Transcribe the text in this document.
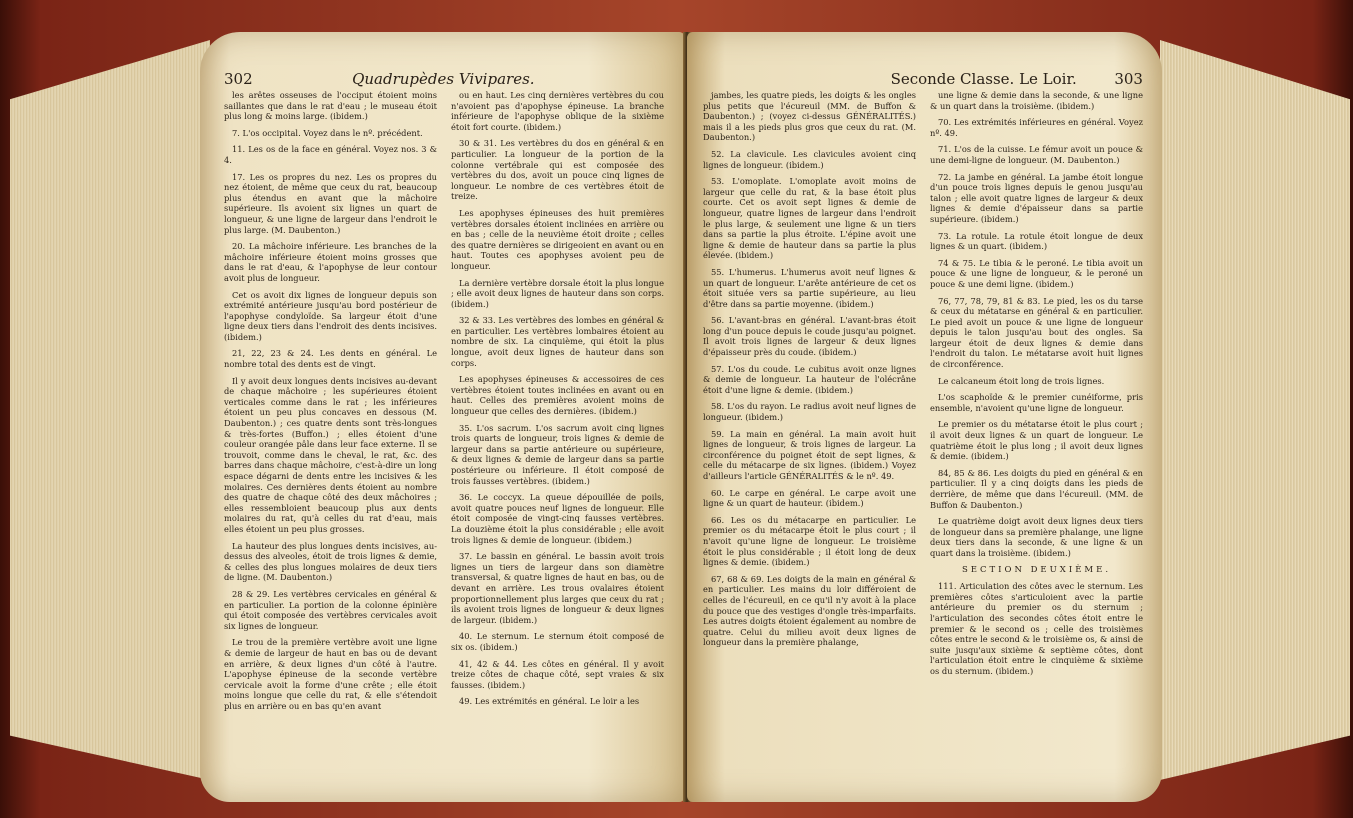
302	Quadrupèdes Vivipares.

les arêtes osseuses de l'occiput étoient moins saillantes que dans le rat d'eau ; le museau étoit plus long & moins large. (ibidem.)

7. L'os occipital. Voyez dans le nº. précédent.

11. Les os de la face en général. Voyez nos. 3 & 4.

17. Les os propres du nez. Les os propres du nez étoient, de même que ceux du rat, beaucoup plus étendus en avant que la mâchoire supérieure. Ils avoient six lignes un quart de longueur, & une ligne de largeur dans l'endroit le plus large. (M. Daubenton.)

20. La mâchoire inférieure. Les branches de la mâchoire inférieure étoient moins grosses que dans le rat d'eau, & l'apophyse de leur contour avoit plus de longueur.

Cet os avoit dix lignes de longueur depuis son extrémité antérieure jusqu'au bord postérieur de l'apophyse condyloïde. Sa largeur étoit d'une ligne deux tiers dans l'endroit des dents incisives. (ibidem.)

21, 22, 23 & 24. Les dents en général. Le nombre total des dents est de vingt.

Il y avoit deux longues dents incisives au-devant de chaque mâchoire ; les supérieures étoient verticales comme dans le rat ; les inférieures étoient un peu plus concaves en dessous (M. Daubenton.) ; ces quatre dents sont très-longues & très-fortes (Buffon.) ; elles étoient d'une couleur orangée pâle dans leur face externe. Il se trouvoit, comme dans le cheval, le rat, &c. des barres dans chaque mâchoire, c'est-à-dire un long espace dégarni de dents entre les incisives & les molaires. Ces dernières dents étoient au nombre des quatre de chaque côté des deux mâchoires ; elles ressembloient beaucoup plus aux dents molaires du rat, qu'à celles du rat d'eau, mais elles étoient un peu plus grosses.

La hauteur des plus longues dents incisives, au-dessus des alveoles, étoit de trois lignes & demie, & celles des plus longues molaires de deux tiers de ligne. (M. Daubenton.)

28 & 29. Les vertèbres cervicales en général & en particulier. La portion de la colonne épinière qui étoit composée des vertèbres cervicales avoit six lignes de longueur.

Le trou de la première vertèbre avoit une ligne & demie de largeur de haut en bas ou de devant en arrière, & deux lignes d'un côté à l'autre. L'apophyse épineuse de la seconde vertèbre cervicale avoit la forme d'une crête ; elle étoit moins longue que celle du rat, & elle s'étendoit plus en arrière ou en bas qu'en avant

ou en haut. Les cinq dernières vertèbres du cou n'avoient pas d'apophyse épineuse. La branche inférieure de l'apophyse oblique de la sixième étoit fort courte. (ibidem.)

30 & 31. Les vertèbres du dos en général & en particulier. La longueur de la portion de la colonne vertébrale qui est composée des vertèbres du dos, avoit un pouce cinq lignes de longueur. Le nombre de ces vertèbres étoit de treize.

Les apophyses épineuses des huit premières vertèbres dorsales étoient inclinées en arrière ou en bas ; celle de la neuvième étoit droite ; celles des quatre dernières se dirigeoient en avant ou en haut. Toutes ces apophyses avoient peu de longueur.

La dernière vertèbre dorsale étoit la plus longue ; elle avoit deux lignes de hauteur dans son corps. (ibidem.)

32 & 33. Les vertèbres des lombes en général & en particulier. Les vertèbres lombaires étoient au nombre de six. La cinquième, qui étoit la plus longue, avoit deux lignes de hauteur dans son corps.

Les apophyses épineuses & accessoires de ces vertèbres étoient toutes inclinées en avant ou en haut. Celles des premières avoient moins de longueur que celles des dernières. (ibidem.)

35. L'os sacrum. L'os sacrum avoit cinq lignes trois quarts de longueur, trois lignes & demie de largeur dans sa partie antérieure ou supérieure, & deux lignes & demie de largeur dans sa partie postérieure ou inférieure. Il étoit composé de trois fausses vertèbres. (ibidem.)

36. Le coccyx. La queue dépouillée de poils, avoit quatre pouces neuf lignes de longueur. Elle étoit composée de vingt-cinq fausses vertèbres. La douzième étoit la plus considérable ; elle avoit trois lignes & demie de longueur. (ibidem.)

37. Le bassin en général. Le bassin avoit trois lignes un tiers de largeur dans son diamètre transversal, & quatre lignes de haut en bas, ou de devant en arrière. Les trous ovalaires étoient proportionnellement plus larges que ceux du rat ; ils avoient trois lignes de longueur & deux lignes de largeur. (ibidem.)

40. Le sternum. Le sternum étoit composé de six os. (ibidem.)

41, 42 & 44. Les côtes en général. Il y avoit treize côtes de chaque côté, sept vraies & six fausses. (ibidem.)

49. Les extrémités en général. Le loir a les

Seconde Classe. Le Loir.	303

jambes, les quatre pieds, les doigts & les ongles plus petits que l'écureuil (MM. de Buffon & Daubenton.) ; (voyez ci-dessus GÉNÉRALITÉS.) mais il a les pieds plus gros que ceux du rat. (M. Daubenton.)

52. La clavicule. Les clavicules avoient cinq lignes de longueur. (ibidem.)

53. L'omoplate. L'omoplate avoit moins de largeur que celle du rat, & la base étoit plus courte. Cet os avoit sept lignes & demie de longueur, quatre lignes de largeur dans l'endroit le plus large, & seulement une ligne & un tiers dans sa partie la plus étroite. L'épine avoit une ligne & demie de hauteur dans sa partie la plus élevée. (ibidem.)

55. L'humerus. L'humerus avoit neuf lignes & un quart de longueur. L'arête antérieure de cet os étoit située vers sa partie supérieure, au lieu d'être dans sa partie moyenne. (ibidem.)

56. L'avant-bras en général. L'avant-bras étoit long d'un pouce depuis le coude jusqu'au poignet. Il avoit trois lignes de largeur & deux lignes d'épaisseur près du coude. (ibidem.)

57. L'os du coude. Le cubitus avoit onze lignes & demie de longueur. La hauteur de l'olécrâne étoit d'une ligne & demie. (ibidem.)

58. L'os du rayon. Le radius avoit neuf lignes de longueur. (ibidem.)

59. La main en général. La main avoit huit lignes de longueur, & trois lignes de largeur. La circonférence du poignet étoit de sept lignes, & celle du métacarpe de six lignes. (ibidem.) Voyez d'ailleurs l'article GÉNÉRALITÉS & le nº. 49.

60. Le carpe en général. Le carpe avoit une ligne & un quart de hauteur. (ibidem.)

66. Les os du métacarpe en particulier. Le premier os du métacarpe étoit le plus court ; il n'avoit qu'une ligne de longueur. Le troisième étoit le plus considérable ; il étoit long de deux lignes & demie. (ibidem.)

67, 68 & 69. Les doigts de la main en général & en particulier. Les mains du loir différoient de celles de l'écureuil, en ce qu'il n'y avoit à la place du pouce que des vestiges d'ongle très-imparfaits. Les autres doigts étoient également au nombre de quatre. Celui du milieu avoit deux lignes de longueur dans la première phalange,

une ligne & demie dans la seconde, & une ligne & un quart dans la troisième. (ibidem.)

70. Les extrémités inférieures en général. Voyez nº. 49.

71. L'os de la cuisse. Le fémur avoit un pouce & une demi-ligne de longueur. (M. Daubenton.)

72. La jambe en général. La jambe étoit longue d'un pouce trois lignes depuis le genou jusqu'au talon ; elle avoit quatre lignes de largeur & deux lignes & demie d'épaisseur dans sa partie supérieure. (ibidem.)

73. La rotule. La rotule étoit longue de deux lignes & un quart. (ibidem.)

74 & 75. Le tibia & le peroné. Le tibia avoit un pouce & une ligne de longueur, & le peroné un pouce & une demi ligne. (ibidem.)

76, 77, 78, 79, 81 & 83. Le pied, les os du tarse & ceux du métatarse en général & en particulier. Le pied avoit un pouce & une ligne de longueur depuis le talon jusqu'au bout des ongles. Sa largeur étoit de deux lignes & demie dans l'endroit du talon. Le métatarse avoit huit lignes de circonférence.

Le calcaneum étoit long de trois lignes.

L'os scaphoïde & le premier cunéiforme, pris ensemble, n'avoient qu'une ligne de longueur.

Le premier os du métatarse étoit le plus court ; il avoit deux lignes & un quart de longueur. Le quatrième étoit le plus long ; il avoit deux lignes & demie. (ibidem.)

84, 85 & 86. Les doigts du pied en général & en particulier. Il y a cinq doigts dans les pieds de derrière, de même que dans l'écureuil. (MM. de Buffon & Daubenton.)

Le quatrième doigt avoit deux lignes deux tiers de longueur dans sa première phalange, une ligne deux tiers dans la seconde, & une ligne & un quart dans la troisième. (ibidem.)

SECTION DEUXIÈME.

111. Articulation des côtes avec le sternum. Les premières côtes s'articuloient avec la partie antérieure du premier os du sternum ; l'articulation des secondes côtes étoit entre le premier & le second os ; celle des troisièmes côtes entre le second & le troisième os, & ainsi de suite jusqu'aux sixième & septième côtes, dont l'articulation étoit entre le cinquième & sixième os du sternum. (ibidem.)
